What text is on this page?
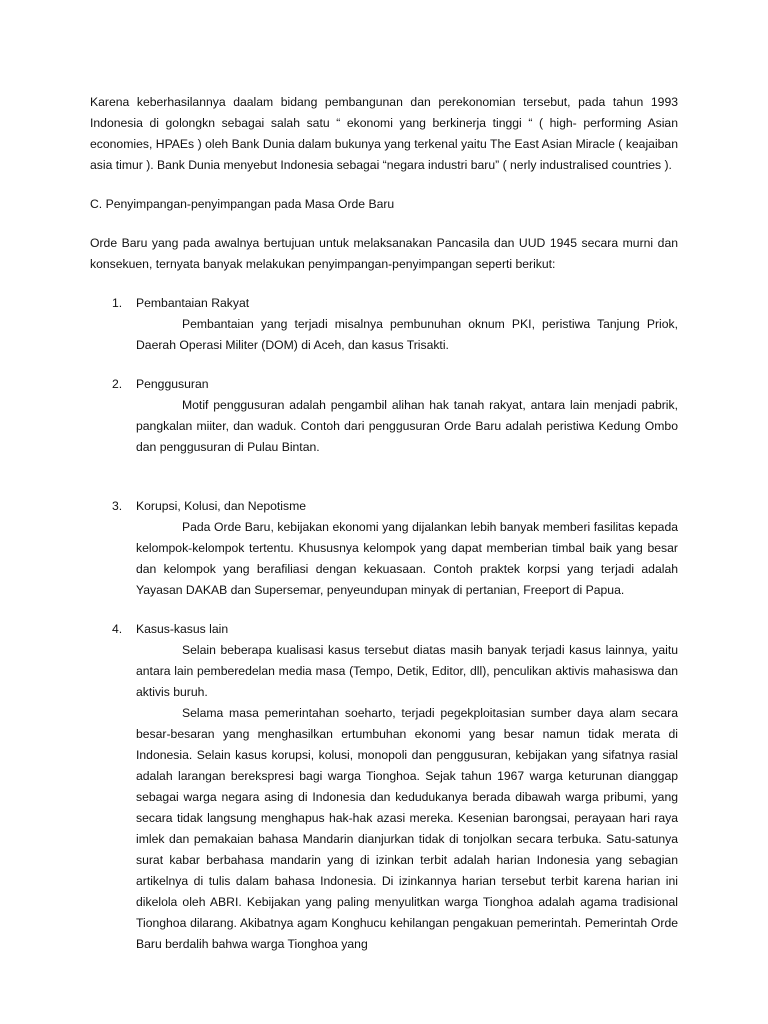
Karena keberhasilannya daalam bidang pembangunan dan perekonomian tersebut, pada tahun 1993 Indonesia di golongkn sebagai salah satu “ ekonomi yang berkinerja tinggi “ ( high- performing Asian economies, HPAEs ) oleh Bank Dunia dalam bukunya yang terkenal yaitu The East Asian Miracle ( keajaiban asia timur ). Bank Dunia menyebut Indonesia sebagai “negara industri baru” ( nerly industralised countries ).

C. Penyimpangan-penyimpangan pada Masa Orde Baru

Orde Baru yang pada awalnya bertujuan untuk melaksanakan Pancasila dan UUD 1945 secara murni dan konsekuen, ternyata banyak melakukan penyimpangan-penyimpangan seperti berikut:

1. Pembantaian Rakyat

Pembantaian yang terjadi misalnya pembunuhan oknum PKI, peristiwa Tanjung Priok, Daerah Operasi Militer (DOM) di Aceh, dan kasus Trisakti.

2. Penggusuran

Motif penggusuran adalah pengambil alihan hak tanah rakyat, antara lain menjadi pabrik, pangkalan miiter, dan waduk. Contoh dari penggusuran Orde Baru adalah peristiwa Kedung Ombo dan penggusuran di Pulau Bintan.

3. Korupsi, Kolusi, dan Nepotisme

Pada Orde Baru, kebijakan ekonomi yang dijalankan lebih banyak memberi fasilitas kepada kelompok-kelompok tertentu. Khususnya kelompok yang dapat memberian timbal baik yang besar dan kelompok yang berafiliasi dengan kekuasaan. Contoh praktek korpsi yang terjadi adalah Yayasan DAKAB dan Supersemar, penyeundupan minyak di pertanian, Freeport di Papua.

4. Kasus-kasus lain

Selain beberapa kualisasi kasus tersebut diatas masih banyak terjadi kasus lainnya, yaitu antara lain pemberedelan media masa (Tempo, Detik, Editor, dll), penculikan aktivis mahasiswa dan aktivis buruh.

Selama masa pemerintahan soeharto, terjadi pegekploitasian sumber daya alam secara besar-besaran yang menghasilkan ertumbuhan ekonomi yang besar namun tidak merata di Indonesia. Selain kasus korupsi, kolusi, monopoli dan penggusuran, kebijakan yang sifatnya rasial adalah larangan berekspresi bagi warga Tionghoa. Sejak tahun 1967 warga keturunan dianggap sebagai warga negara asing di Indonesia dan kedudukanya berada dibawah warga pribumi, yang secara tidak langsung menghapus hak-hak azasi mereka. Kesenian barongsai, perayaan hari raya imlek dan pemakaian bahasa Mandarin dianjurkan tidak di tonjolkan secara terbuka. Satu-satunya surat kabar berbahasa mandarin yang di izinkan terbit adalah harian Indonesia yang sebagian artikelnya di tulis dalam bahasa Indonesia. Di izinkannya harian tersebut terbit karena harian ini dikelola oleh ABRI. Kebijakan yang paling menyulitkan warga Tionghoa adalah agama tradisional Tionghoa dilarang. Akibatnya agam Konghucu kehilangan pengakuan pemerintah. Pemerintah Orde Baru berdalih bahwa warga Tionghoa yang
